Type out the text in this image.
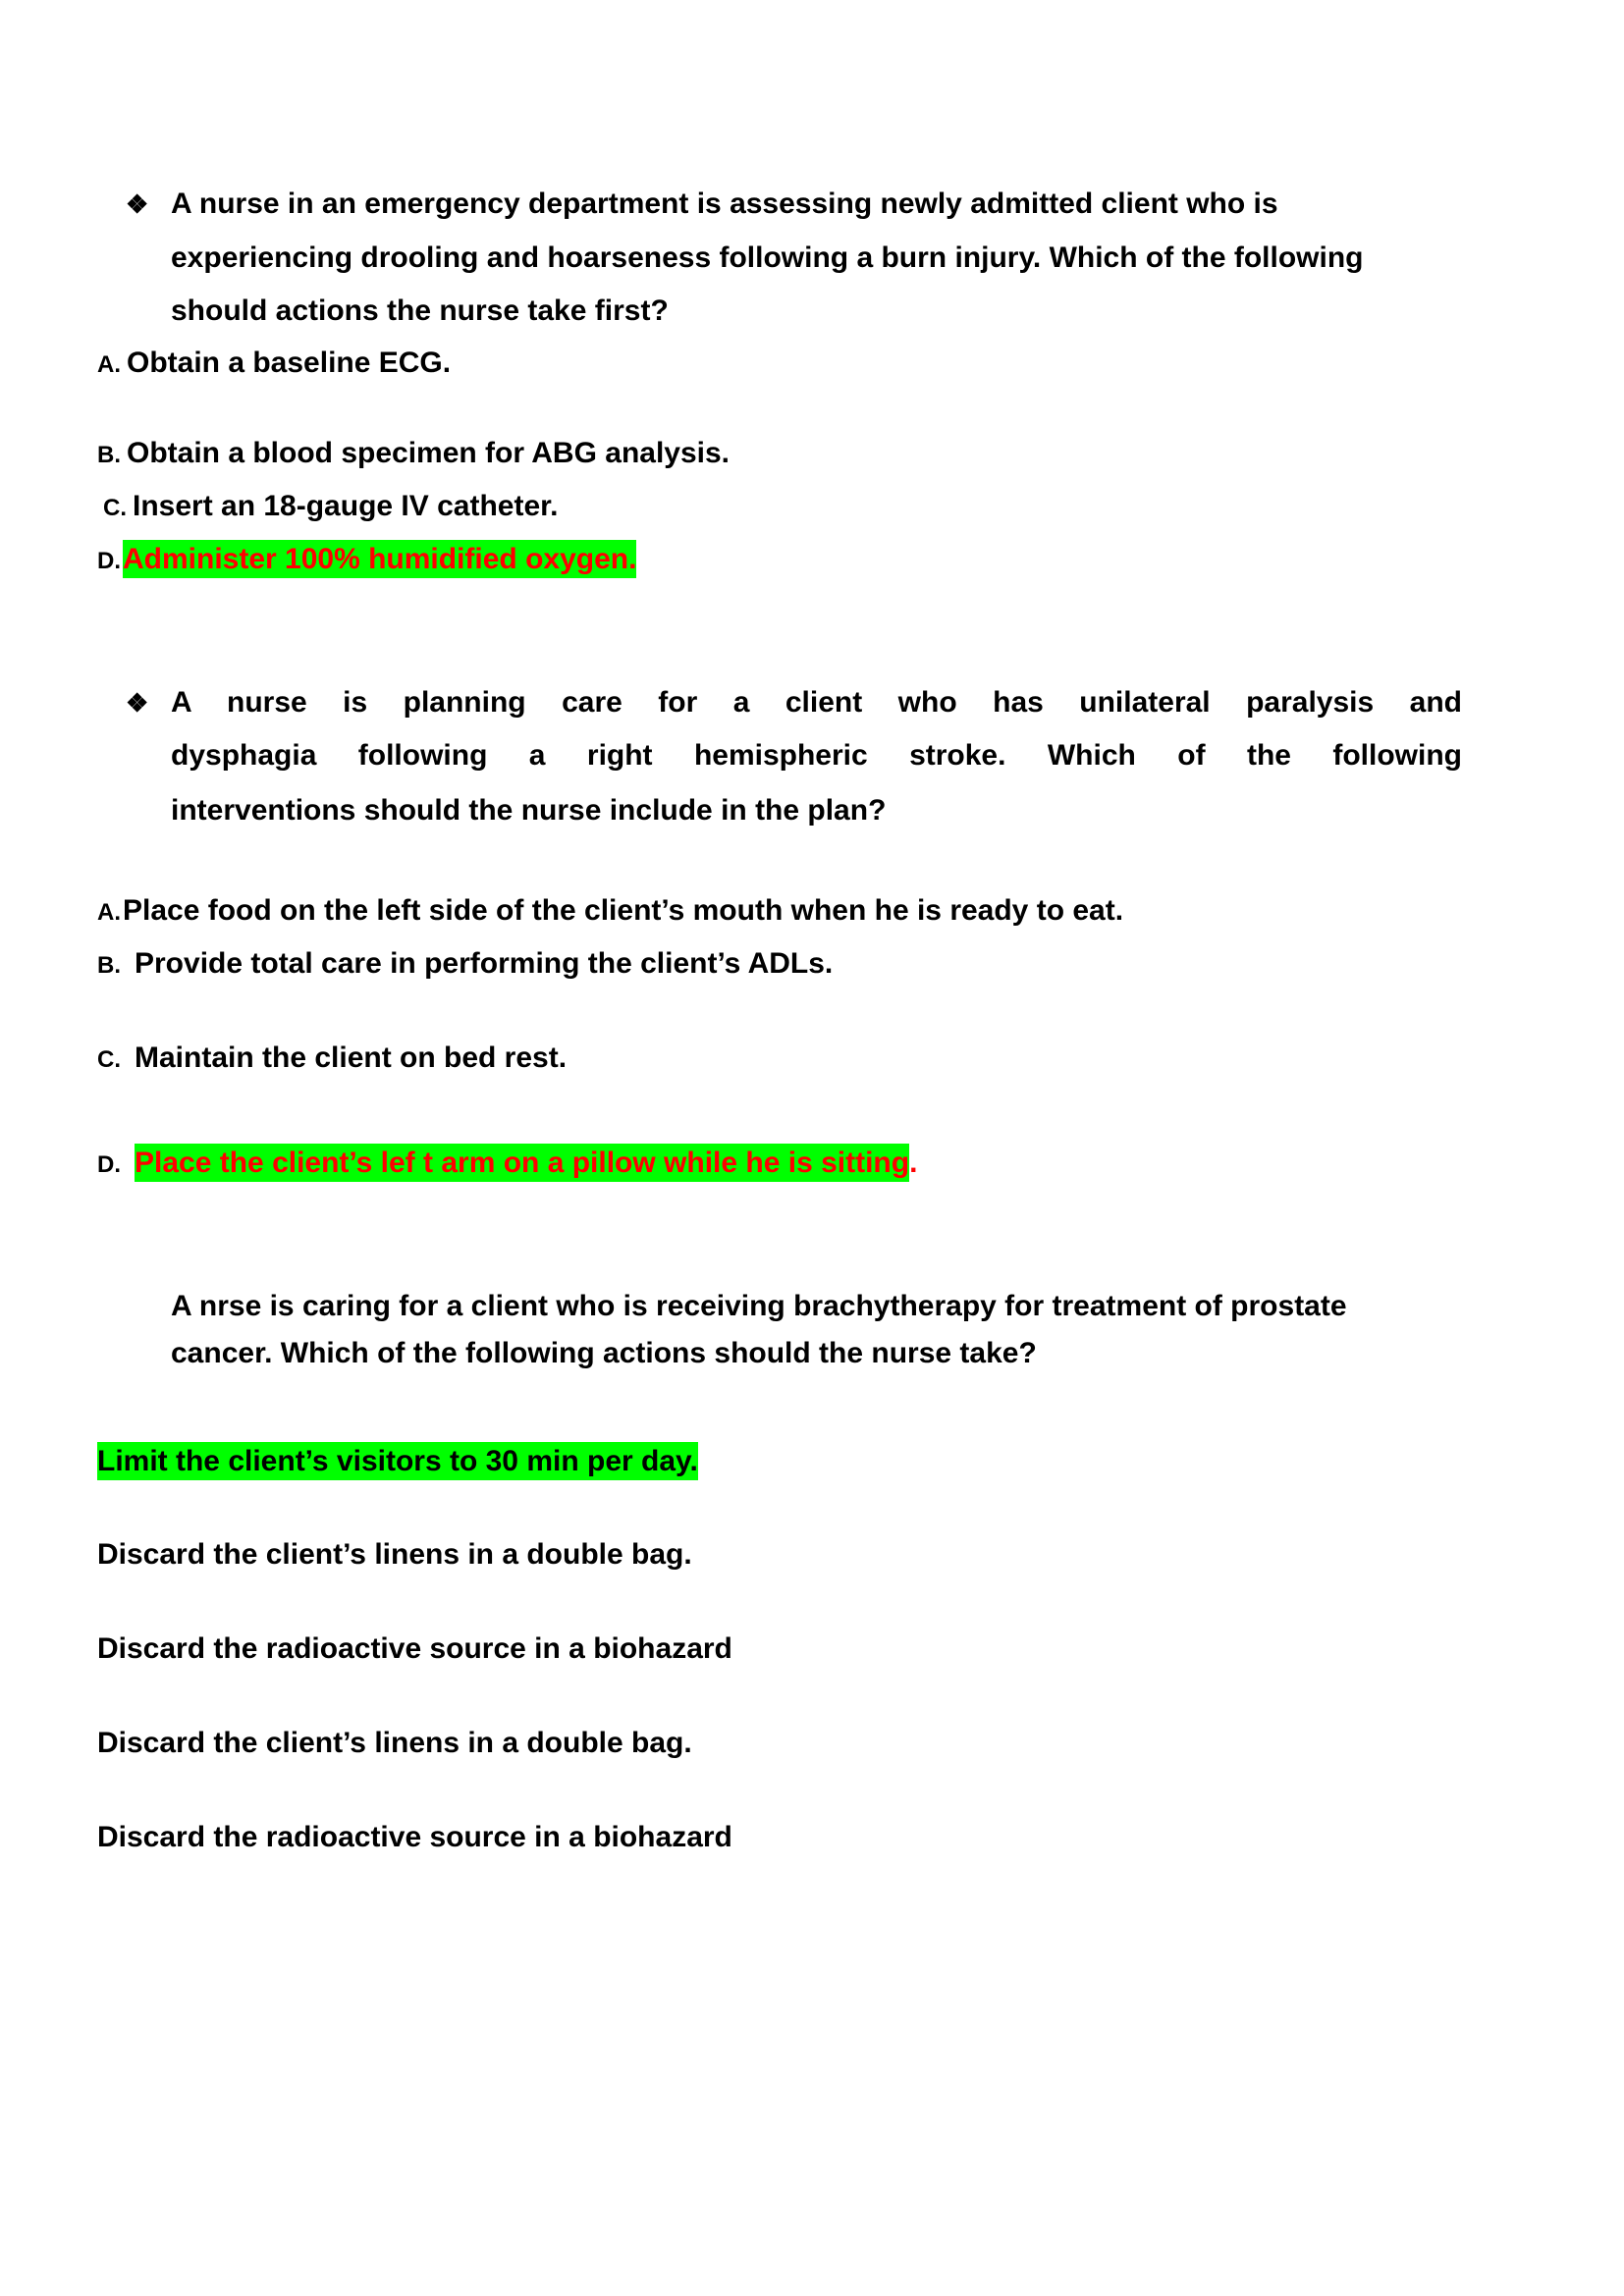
❖ A nurse in an emergency department is assessing newly admitted client who is
experiencing drooling and hoarseness following a burn injury. Which of the following
should actions the nurse take first?
A. Obtain a baseline ECG.
B. Obtain a blood specimen for ABG analysis.
C. Insert an 18-gauge IV catheter.
D.Administer 100% humidified oxygen.
❖ A nurse is planning care for a client who has unilateral paralysis and
dysphagia following a right hemispheric stroke. Which of the following
interventions should the nurse include in the plan?
A.Place food on the left side of the client’s mouth when he is ready to eat.
B. Provide total care in performing the client’s ADLs.
C. Maintain the client on bed rest.
D. Place the client’s lef t arm on a pillow while he is sitting.
A nrse is caring for a client who is receiving brachytherapy for treatment of prostate
cancer. Which of the following actions should the nurse take?
Limit the client’s visitors to 30 min per day.
Discard the client’s linens in a double bag.
Discard the radioactive source in a biohazard
Discard the client’s linens in a double bag.
Discard the radioactive source in a biohazard
